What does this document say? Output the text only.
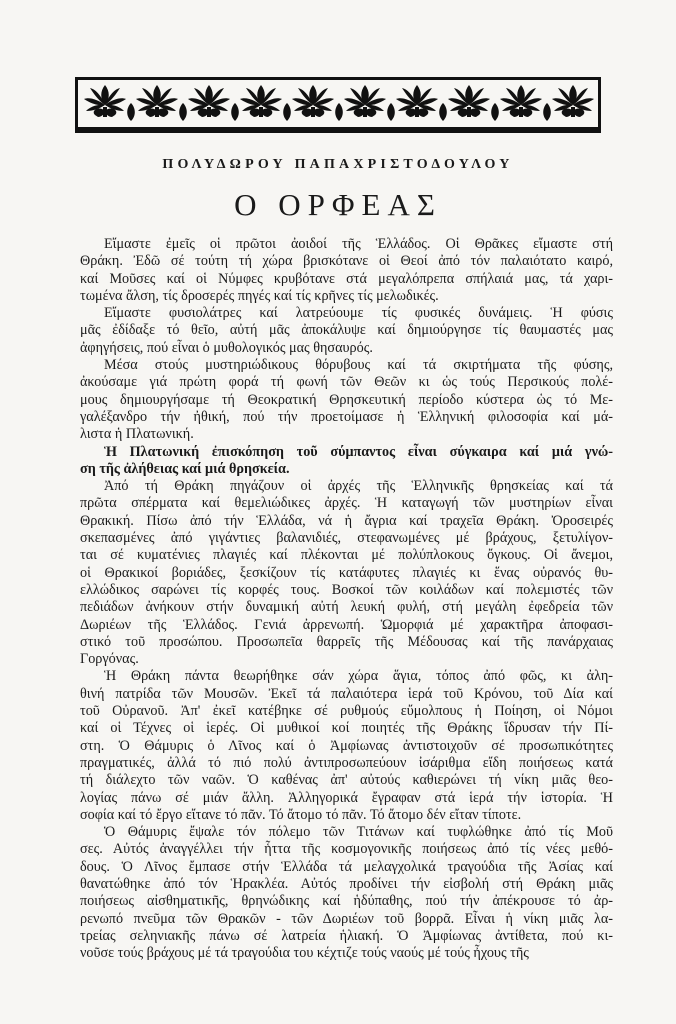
ΠΟΛΥΔΩΡΟΥ ΠΑΠΑΧΡΙΣΤΟΔΟΥΛΟΥ
Ο ΟΡΦΕΑΣ
Εἴμαστε ἐμεῖς οἱ πρῶτοι ἀοιδοί τῆς Ἑλλάδος. Οἱ Θρᾶκες εἴμαστε στή
Θράκη. Ἐδῶ σέ τούτη τή χώρα βρισκότανε οἱ Θεοί ἀπό τόν παλαιότατο καιρό,
καί Μοῦσες καί οἱ Νύμφες κρυβότανε στά μεγαλόπρεπα σπήλαιά μας, τά χαρι-
τωμένα ἄλση, τίς δροσερές πηγές καί τίς κρῆνες τίς μελωδικές.
Εἴμαστε φυσιολάτρες καί λατρεύουμε τίς φυσικές δυνάμεις. Ἡ φύσις
μᾶς ἐδίδαξε τό θεῖο, αὐτή μᾶς ἀποκάλυψε καί δημιούργησε τίς θαυμαστές μας
ἀφηγήσεις, πού εἶναι ὁ μυθολογικός μας θησαυρός.
Μέσα στούς μυστηριώδικους θόρυβους καί τά σκιρτήματα τῆς φύσης,
ἀκούσαμε γιά πρώτη φορά τή φωνή τῶν Θεῶν κι ὡς τούς Περσικούς πολέ-
μους δημιουργήσαμε τή Θεοκρατική Θρησκευτική περίοδο κύστερα ὡς τό Με-
γαλέξανδρο τήν ἠθική, πού τήν προετοίμασε ἡ Ἑλληνική φιλοσοφία καί μά-
λιστα ἡ Πλατωνική.
Ἡ Πλατωνική ἐπισκόπηση τοῦ σύμπαντος εἶναι σύγκαιρα καί μιά γνώ-
ση τῆς ἀλήθειας καί μιά θρησκεία.
Ἀπό τή Θράκη πηγάζουν οἱ ἀρχές τῆς Ἑλληνικῆς θρησκείας καί τά
πρῶτα σπέρματα καί θεμελιώδικες ἀρχές. Ἡ καταγωγή τῶν μυστηρίων εἶναι
Θρακική. Πίσω ἀπό τήν Ἑλλάδα, νά ἡ ἄγρια καί τραχεῖα Θράκη. Ὀροσειρές
σκεπασμένες ἀπό γιγάντιες βαλανιδιές, στεφανωμένες μέ βράχους, ξετυλίγον-
ται σέ κυματένιες πλαγιές καί πλέκονται μέ πολύπλοκους ὄγκους. Οἱ ἄνεμοι,
οἱ Θρακικοί βοριάδες, ξεσκίζουν τίς κατάφυτες πλαγιές κι ἕνας οὐρανός θυ-
ελλώδικος σαρώνει τίς κορφές τους. Βοσκοί τῶν κοιλάδων καί πολεμιστές τῶν
πεδιάδων ἀνήκουν στήν δυναμική αὐτή λευκή φυλή, στή μεγάλη ἐφεδρεία τῶν
Δωριέων τῆς Ἑλλάδος. Γενιά ἀρρενωπή. Ὡμορφιά μέ χαρακτῆρα ἀποφασι-
στικό τοῦ προσώπου. Προσωπεῖα θαρρεῖς τῆς Μέδουσας καί τῆς πανάρχαιας
Γοργόνας.
Ἡ Θράκη πάντα θεωρήθηκε σάν χώρα ἅγια, τόπος ἀπό φῶς, κι ἀλη-
θινή πατρίδα τῶν Μουσῶν. Ἐκεῖ τά παλαιότερα ἱερά τοῦ Κρόνου, τοῦ Δία καί
τοῦ Οὐρανοῦ. Ἀπ' ἐκεῖ κατέβηκε σέ ρυθμούς εὔμολπους ἡ Ποίηση, οἱ Νόμοι
καί οἱ Τέχνες οἱ ἱερές. Οἱ μυθικοί κοί ποιητές τῆς Θράκης ἵδρυσαν τήν Πί-
στη. Ὁ Θάμυρις ὁ Λῖνος καί ὁ Ἀμφίωνας ἀντιστοιχοῦν σέ προσωπικότητες
πραγματικές, ἀλλά τό πιό πολύ ἀντιπροσωπεύουν ἰσάριθμα εἴδη ποιήσεως κατά
τή διάλεχτο τῶν ναῶν. Ὁ καθένας ἀπ' αὐτούς καθιερώνει τή νίκη μιᾶς θεο-
λογίας πάνω σέ μιάν ἄλλη. Ἀλληγορικά ἔγραφαν στά ἱερά τήν ἱστορία. Ἡ
σοφία καί τό ἔργο εἴτανε τό πᾶν. Τό ἄτομο τό πᾶν. Τό ἄτομο δέν εἴταν τίποτε.
Ὁ Θάμυρις ἔψαλε τόν πόλεμο τῶν Τιτάνων καί τυφλώθηκε ἀπό τίς Μοῦ
σες. Αὐτός ἀναγγέλλει τήν ἧττα τῆς κοσμογονικῆς ποιήσεως ἀπό τίς νέες μεθό-
δους. Ὁ Λῖνος ἔμπασε στήν Ἑλλάδα τά μελαγχολικά τραγούδια τῆς Ἀσίας καί
θανατώθηκε ἀπό τόν Ἡρακλέα. Αὐτός προδίνει τήν εἰσβολή στή Θράκη μιᾶς
ποιήσεως αἰσθηματικῆς, θρηνώδικης καί ἡδύπαθης, πού τήν ἀπέκρουσε τό ἀρ-
ρενωπό πνεῦμα τῶν Θρακῶν - τῶν Δωριέων τοῦ βορρᾶ. Εἶναι ἡ νίκη μιᾶς λα-
τρείας σεληνιακῆς πάνω σέ λατρεία ἡλιακή. Ὁ Ἀμφίωνας ἀντίθετα, πού κι-
νοῦσε τούς βράχους μέ τά τραγούδια του κέχτιζε τούς ναούς μέ τούς ἦχους τῆς
